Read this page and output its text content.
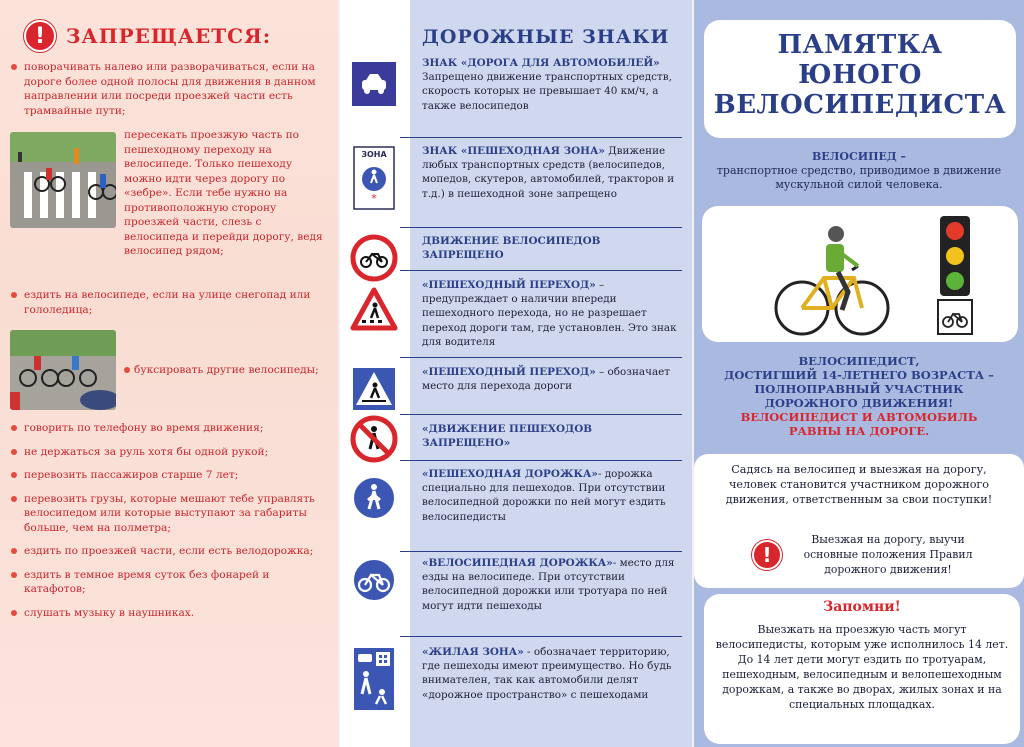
!	ЗАПРЕЩАЕТСЯ:
поворачивать налево или разворачиваться, если на дороге более одной полосы для движения в данном направлении или посреди проезжей части есть трамвайные пути;
пересекать проезжую часть по пешеходному переходу на велосипеде. Только пешеходу можно идти через дорогу по «зебре». Если тебе нужно на противоположную сторону проезжей части, слезь с велосипеда и перейди дорогу, ведя велосипед рядом;
ездить на велосипеде, если на улице снегопад или гололедица;
буксировать другие велосипеды;
говорить по телефону во время движения;
не держаться за руль хотя бы одной рукой;
перевозить пассажиров старше 7 лет;
перевозить грузы, которые мешают тебе управлять велосипедом или которые выступают за габариты больше, чем на полметра;
ездить по проезжей части, если есть велодорожка;
ездить в темное время суток без фонарей и катафотов;
слушать музыку в наушниках.
ДОРОЖНЫЕ ЗНАКИ
ЗНАК «ДОРОГА ДЛЯ АВТОМОБИЛЕЙ» Запрещено движение транспортных средств, скорость которых не превышает 40 км/ч, а также велосипедов
*
ЗОНА	ЗНАК «ПЕШЕХОДНАЯ ЗОНА» Движение любых транспортных средств (велосипедов, мопедов, скутеров, автомобилей, тракторов и т.д.) в пешеходной зоне запрещено
ДВИЖЕНИЕ ВЕЛОСИПЕДОВ ЗАПРЕЩЕНО
«ПЕШЕХОДНЫЙ ПЕРЕХОД» – предупреждает о наличии впереди пешеходного перехода, но не разрешает переход дороги там, где установлен. Это знак для водителя
«ПЕШЕХОДНЫЙ ПЕРЕХОД» – обозначает место для перехода дороги
«ДВИЖЕНИЕ ПЕШЕХОДОВ ЗАПРЕЩЕНО»
«ПЕШЕХОДНАЯ ДОРОЖКА»- дорожка специально для пешеходов. При отсутствии велосипедной дорожки по ней могут ездить велосипедисты
«ВЕЛОСИПЕДНАЯ ДОРОЖКА»- место для езды на велосипеде. При отсутствии велосипедной дорожки или тротуара по ней могут идти пешеходы
«ЖИЛАЯ ЗОНА» - обозначает территорию, где пешеходы имеют преимущество. Но будь внимателен, так как автомобили делят «дорожное пространство» с пешеходами
ПАМЯТКА
ЮНОГО
ВЕЛОСИПЕДИСТА
ВЕЛОСИПЕД –
транспортное средство, приводимое в движение мускульной силой человека.
ВЕЛОСИПЕДИСТ,
ДОСТИГШИЙ 14-ЛЕТНЕГО ВОЗРАСТА –
ПОЛНОПРАВНЫЙ УЧАСТНИК
ДОРОЖНОГО ДВИЖЕНИЯ!
ВЕЛОСИПЕДИСТ И АВТОМОБИЛЬ
РАВНЫ НА ДОРОГЕ.
Садясь на велосипед и выезжая на дорогу, человек становится участником дорожного движения, ответственным за свои поступки!
!
Выезжая на дорогу, выучи основные положения Правил дорожного движения!
Запомни!
Выезжать на проезжую часть могут велосипедисты, которым уже исполнилось 14 лет. До 14 лет дети могут ездить по тротуарам, пешеходным, велосипедным и велопешеходным дорожкам, а также во дворах, жилых зонах и на специальных площадках.
